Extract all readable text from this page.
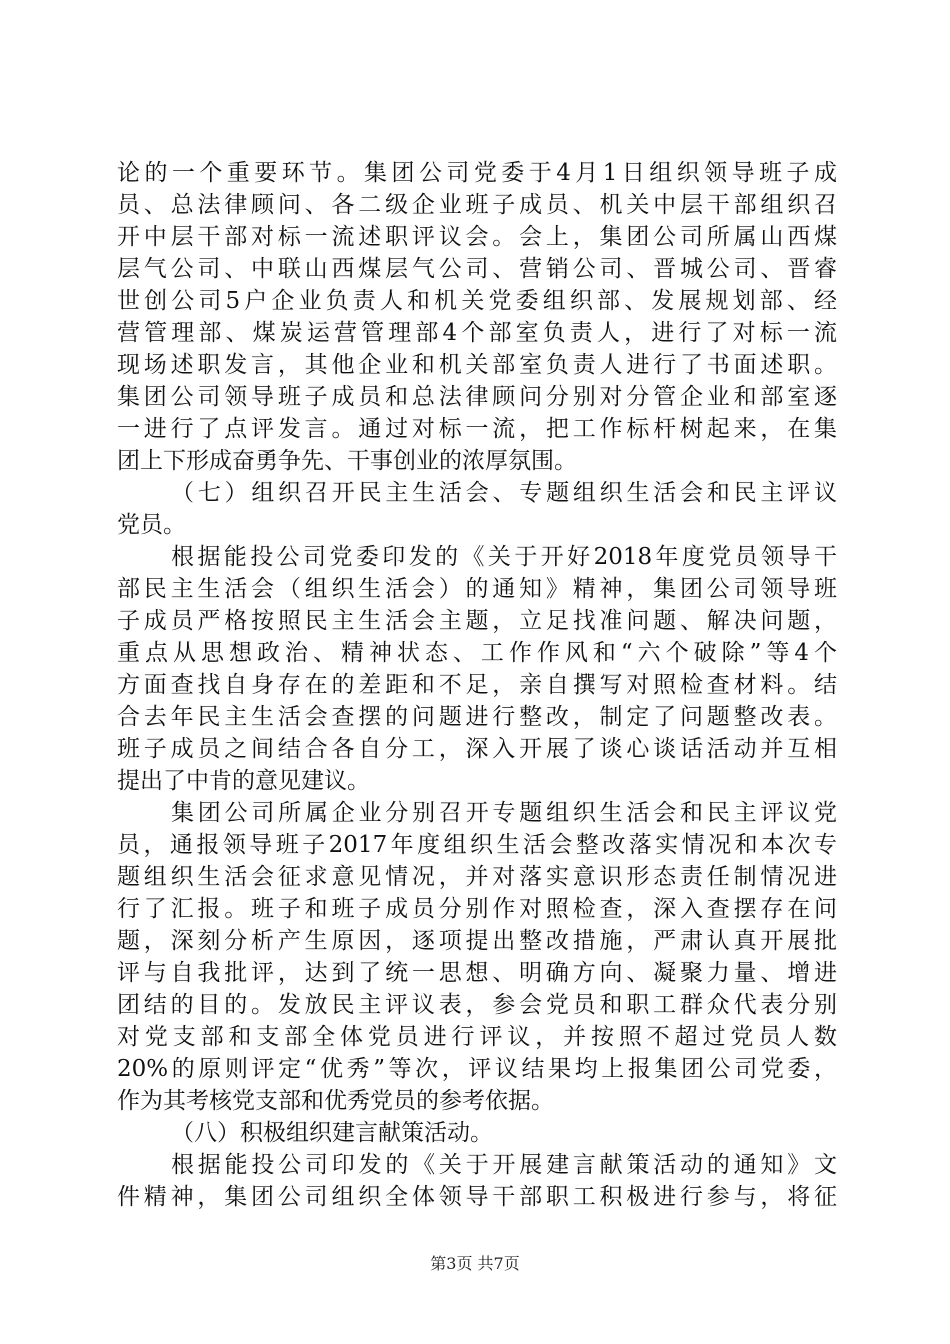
论的一个重要环节。集团公司党委于4月1日组织领导班子成
员、总法律顾问、各二级企业班子成员、机关中层干部组织召
开中层干部对标一流述职评议会。会上，集团公司所属山西煤
层气公司、中联山西煤层气公司、营销公司、晋城公司、晋睿
世创公司5户企业负责人和机关党委组织部、发展规划部、经
营管理部、煤炭运营管理部4个部室负责人，进行了对标一流
现场述职发言，其他企业和机关部室负责人进行了书面述职。
集团公司领导班子成员和总法律顾问分别对分管企业和部室逐
一进行了点评发言。通过对标一流，把工作标杆树起来，在集
团上下形成奋勇争先、干事创业的浓厚氛围。
（七）组织召开民主生活会、专题组织生活会和民主评议
党员。
根据能投公司党委印发的《关于开好2018年度党员领导干
部民主生活会（组织生活会）的通知》精神，集团公司领导班
子成员严格按照民主生活会主题，立足找准问题、解决问题，
重点从思想政治、精神状态、工作作风和“六个破除”等4个
方面查找自身存在的差距和不足，亲自撰写对照检查材料。结
合去年民主生活会查摆的问题进行整改，制定了问题整改表。
班子成员之间结合各自分工，深入开展了谈心谈话活动并互相
提出了中肯的意见建议。
集团公司所属企业分别召开专题组织生活会和民主评议党
员，通报领导班子2017年度组织生活会整改落实情况和本次专
题组织生活会征求意见情况，并对落实意识形态责任制情况进
行了汇报。班子和班子成员分别作对照检查，深入查摆存在问
题，深刻分析产生原因，逐项提出整改措施，严肃认真开展批
评与自我批评，达到了统一思想、明确方向、凝聚力量、增进
团结的目的。发放民主评议表，参会党员和职工群众代表分别
对党支部和支部全体党员进行评议，并按照不超过党员人数
20%的原则评定“优秀”等次，评议结果均上报集团公司党委，
作为其考核党支部和优秀党员的参考依据。
（八）积极组织建言献策活动。
根据能投公司印发的《关于开展建言献策活动的通知》文
件精神，集团公司组织全体领导干部职工积极进行参与，将征
第3页 共7页
